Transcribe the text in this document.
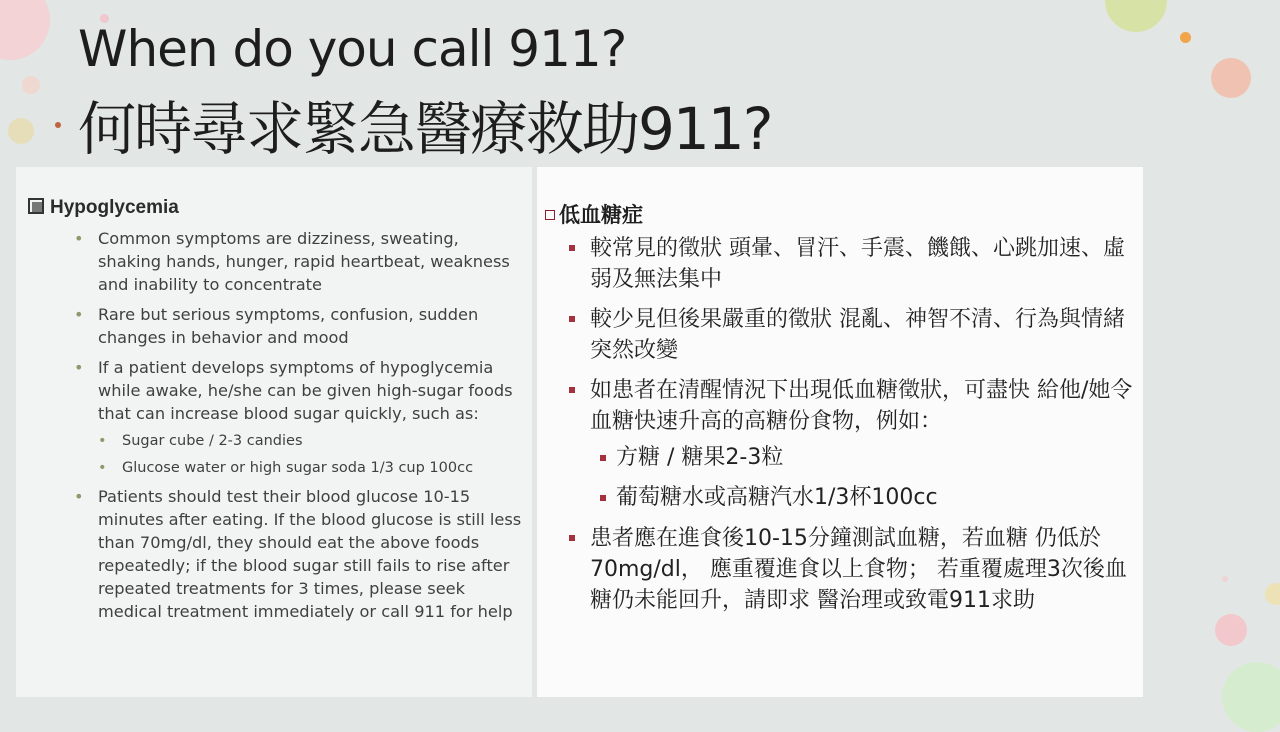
When do you call 911?
何時尋求緊急醫療救助911?
Hypoglycemia
• Common symptoms are dizziness, sweating, shaking hands, hunger, rapid heartbeat, weakness and inability to concentrate
• Rare but serious symptoms, confusion, sudden changes in behavior and mood
• If a patient develops symptoms of hypoglycemia while awake, he/she can be given high-sugar foods that can increase blood sugar quickly, such as:
• Sugar cube / 2-3 candies
• Glucose water or high sugar soda 1/3 cup 100cc
• Patients should test their blood glucose 10-15 minutes after eating. If the blood glucose is still less than 70mg/dl, they should eat the above foods repeatedly; if the blood sugar still fails to rise after repeated treatments for 3 times, please seek medical treatment immediately or call 911 for help
低血糖症
較常見的徵狀 頭暈、冒汗、手震、饑餓、心跳加速、虛弱及無法集中
較少見但後果嚴重的徵狀 混亂、神智不清、行為與情緒突然改變
如患者在清醒情況下出現低血糖徵狀，可盡快 給他/她令血糖快速升高的高糖份食物，例如：
方糖 / 糖果2-3粒
葡萄糖水或高糖汽水1/3杯100cc
患者應在進食後10-15分鐘測試血糖，若血糖 仍低於70mg/dl， 應重覆進食以上食物； 若重覆處理3次後血糖仍未能回升，請即求 醫治理或致電911求助
